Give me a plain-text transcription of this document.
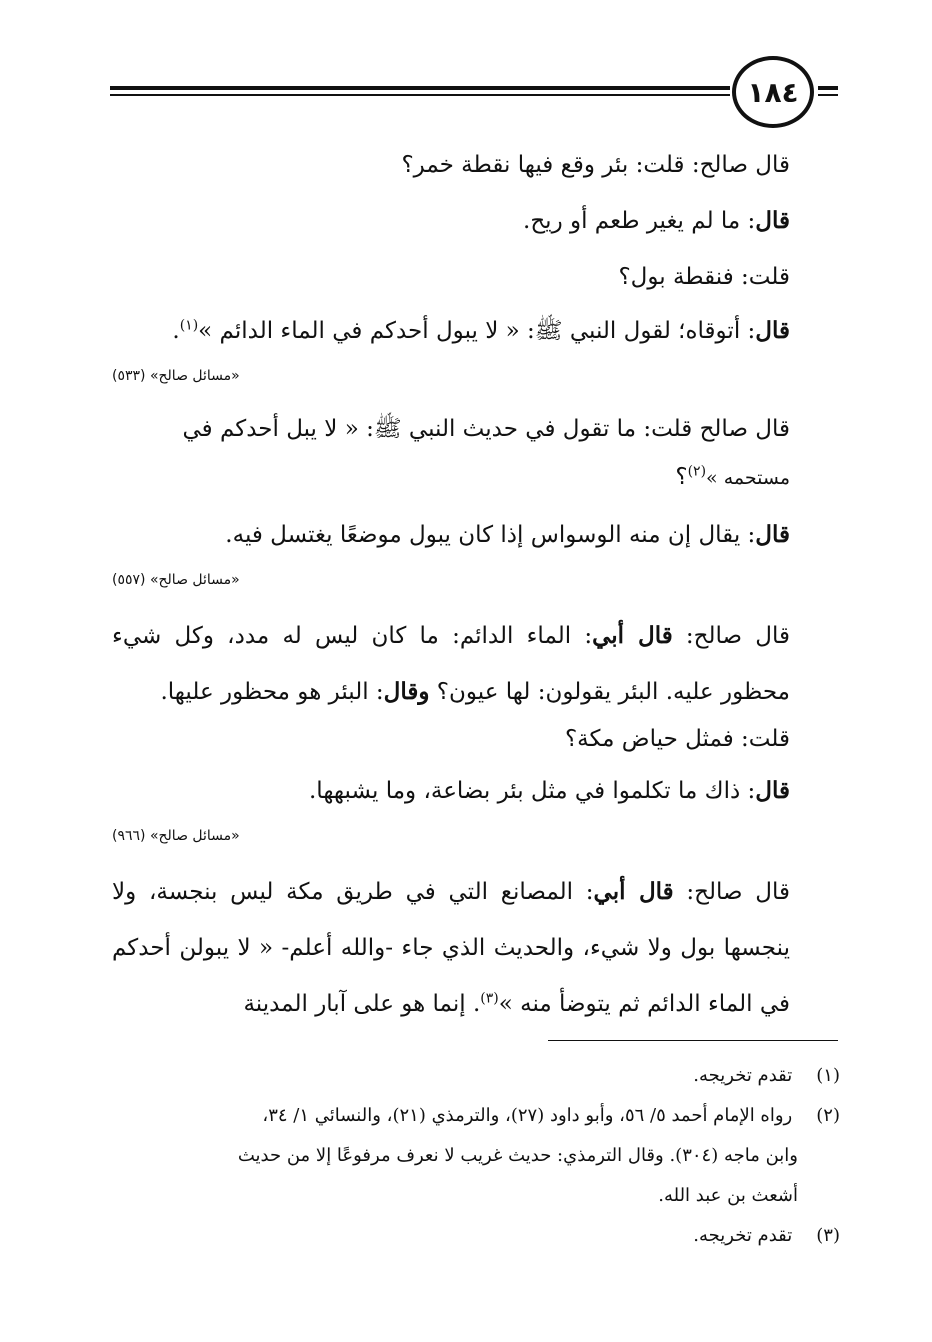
١٨٤
قال صالح: قلت: بئر وقع فيها نقطة خمر؟
قال: ما لم يغير طعم أو ريح.
قلت: فنقطة بول؟
قال: أتوقاه؛ لقول النبي ﷺ: « لا يبول أحدكم في الماء الدائم »$^{(١)}$.
«مسائل صالح» (٥٣٣)
قال صالح قلت: ما تقول في حديث النبي ﷺ: « لا يبل أحدكم في
مستحمه »$^{(٢)}$؟
قال: يقال إن منه الوسواس إذا كان يبول موضعًا يغتسل فيه.
«مسائل صالح» (٥٥٧)
قال صالح: قال أبي: الماء الدائم: ما كان ليس له مدد، وكل شيء محظور عليه. البئر يقولون: لها عيون؟ وقال: البئر هو محظور عليها.
قلت: فمثل حياض مكة؟
قال: ذاك ما تكلموا في مثل بئر بضاعة، وما يشبهها.
«مسائل صالح» (٩٦٦)
قال صالح: قال أبي: المصانع التي في طريق مكة ليس بنجسة، ولا ينجسها بول ولا شيء، والحديث الذي جاء -والله أعلم- « لا يبولن أحدكم في الماء الدائم ثم يتوضأ منه »$^{(٣)}$. إنما هو على آبار المدينة
(١) تقدم تخريجه.
(٢) رواه الإمام أحمد ٥/ ٥٦، وأبو داود (٢٧)، والترمذي (٢١)، والنسائي ١/ ٣٤،
وابن ماجه (٣٠٤). وقال الترمذي: حديث غريب لا نعرف مرفوعًا إلا من حديث
أشعث بن عبد الله.
(٣) تقدم تخريجه.
